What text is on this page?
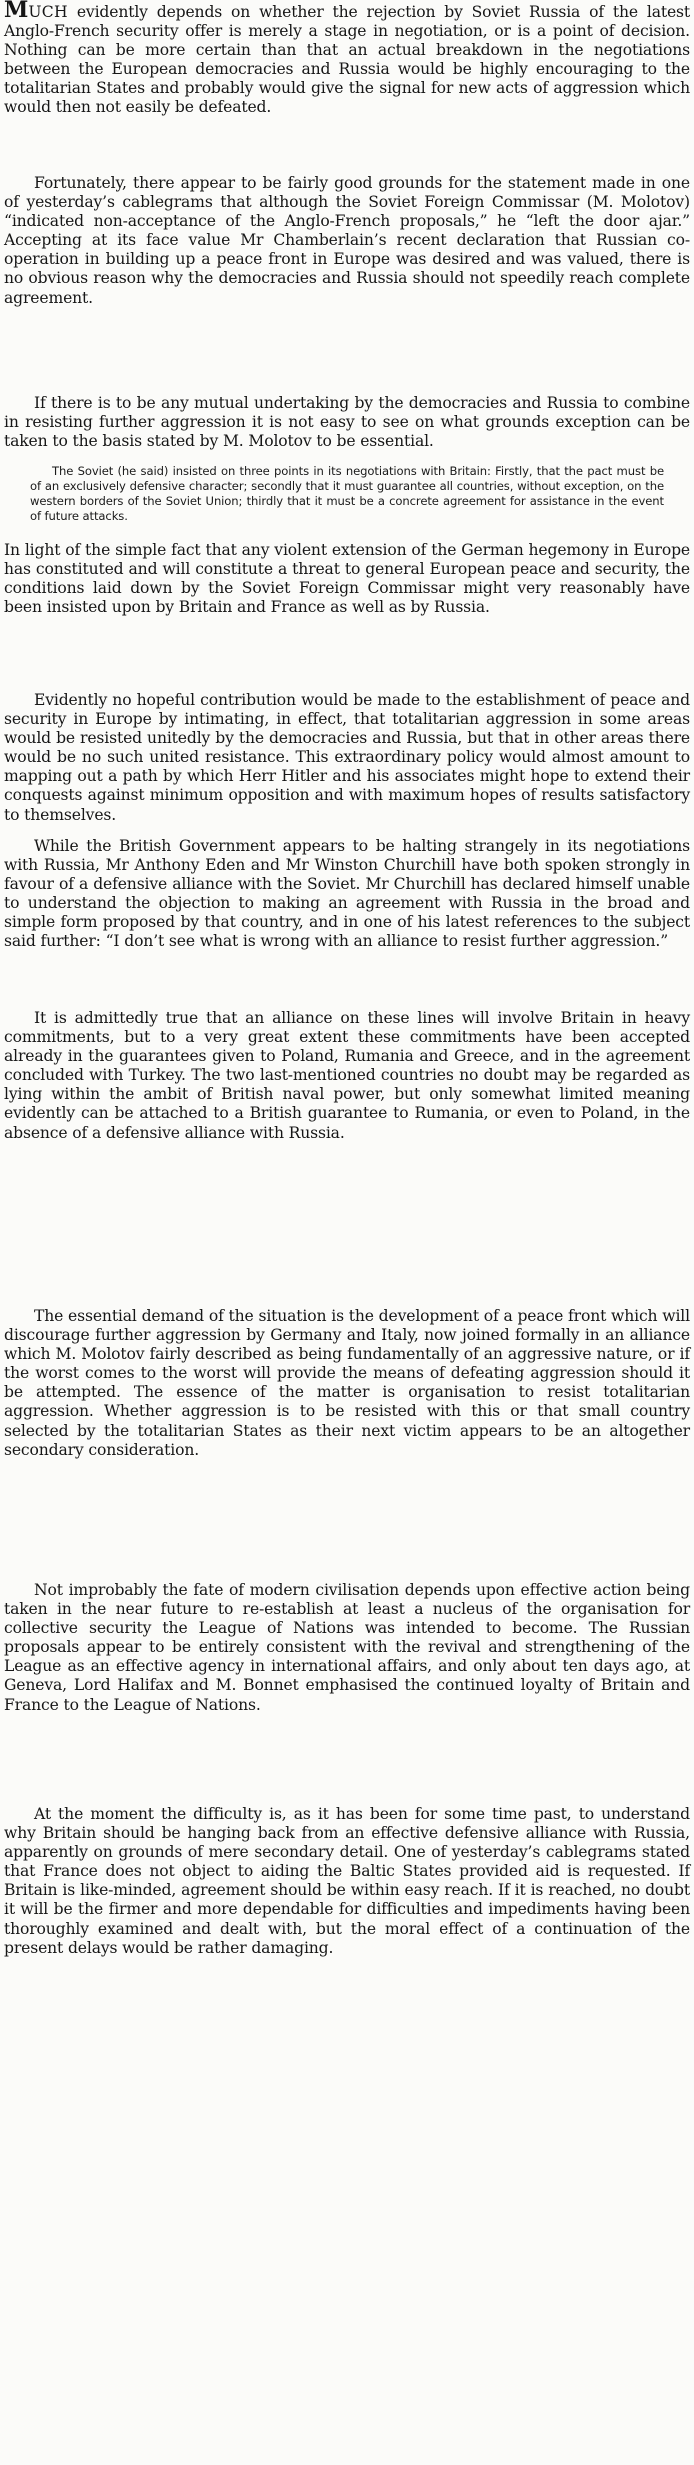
MUCH evidently depends on whether the rejection by Soviet Russia of the latest Anglo-French security offer is merely a stage in negotiation, or is a point of decision. Nothing can be more certain than that an actual breakdown in the negotiations between the European democracies and Russia would be highly encouraging to the totalitarian States and probably would give the signal for new acts of aggression which would then not easily be defeated.

Fortunately, there appear to be fairly good grounds for the statement made in one of yesterday’s cablegrams that although the Soviet Foreign Commissar (M. Molotov) “indicated non-acceptance of the Anglo-French proposals,” he “left the door ajar.” Accepting at its face value Mr Chamberlain’s recent declaration that Russian co-operation in building up a peace front in Europe was desired and was valued, there is no obvious reason why the democracies and Russia should not speedily reach complete agreement.

If there is to be any mutual undertaking by the democracies and Russia to combine in resisting further aggression it is not easy to see on what grounds exception can be taken to the basis stated by M. Molotov to be essential.

The Soviet (he said) insisted on three points in its negotiations with Britain: Firstly, that the pact must be of an exclusively defensive character; secondly that it must guarantee all countries, without exception, on the western borders of the Soviet Union; thirdly that it must be a concrete agreement for assistance in the event of future attacks.

In light of the simple fact that any violent extension of the German hegemony in Europe has constituted and will constitute a threat to general European peace and security, the conditions laid down by the Soviet Foreign Commissar might very reasonably have been insisted upon by Britain and France as well as by Russia.

Evidently no hopeful contribution would be made to the establishment of peace and security in Europe by intimating, in effect, that totalitarian aggression in some areas would be resisted unitedly by the democracies and Russia, but that in other areas there would be no such united resistance. This extraordinary policy would almost amount to mapping out a path by which Herr Hitler and his associates might hope to extend their conquests against minimum opposition and with maximum hopes of results satisfactory to themselves.

While the British Government appears to be halting strangely in its negotiations with Russia, Mr Anthony Eden and Mr Winston Churchill have both spoken strongly in favour of a defensive alliance with the Soviet. Mr Churchill has declared himself unable to understand the objection to making an agreement with Russia in the broad and simple form proposed by that country, and in one of his latest references to the subject said further: “I don’t see what is wrong with an alliance to resist further aggression.”

It is admittedly true that an alliance on these lines will involve Britain in heavy commitments, but to a very great extent these commitments have been accepted already in the guarantees given to Poland, Rumania and Greece, and in the agreement concluded with Turkey. The two last-mentioned countries no doubt may be regarded as lying within the ambit of British naval power, but only somewhat limited meaning evidently can be attached to a British guarantee to Rumania, or even to Poland, in the absence of a defensive alliance with Russia.

The essential demand of the situation is the development of a peace front which will discourage further aggression by Germany and Italy, now joined formally in an alliance which M. Molotov fairly described as being fundamentally of an aggressive nature, or if the worst comes to the worst will provide the means of defeating aggression should it be attempted. The essence of the matter is organisation to resist totalitarian aggression. Whether aggression is to be resisted with this or that small country selected by the totalitarian States as their next victim appears to be an altogether secondary consideration.

Not improbably the fate of modern civilisation depends upon effective action being taken in the near future to re-establish at least a nucleus of the organisation for collective security the League of Nations was intended to become. The Russian proposals appear to be entirely consistent with the revival and strengthening of the League as an effective agency in international affairs, and only about ten days ago, at Geneva, Lord Halifax and M. Bonnet emphasised the continued loyalty of Britain and France to the League of Nations.

At the moment the difficulty is, as it has been for some time past, to understand why Britain should be hanging back from an effective defensive alliance with Russia, apparently on grounds of mere secondary detail. One of yesterday’s cablegrams stated that France does not object to aiding the Baltic States provided aid is requested. If Britain is like-minded, agreement should be within easy reach. If it is reached, no doubt it will be the firmer and more dependable for difficulties and impediments having been thoroughly examined and dealt with, but the moral effect of a continuation of the present delays would be rather damaging.
